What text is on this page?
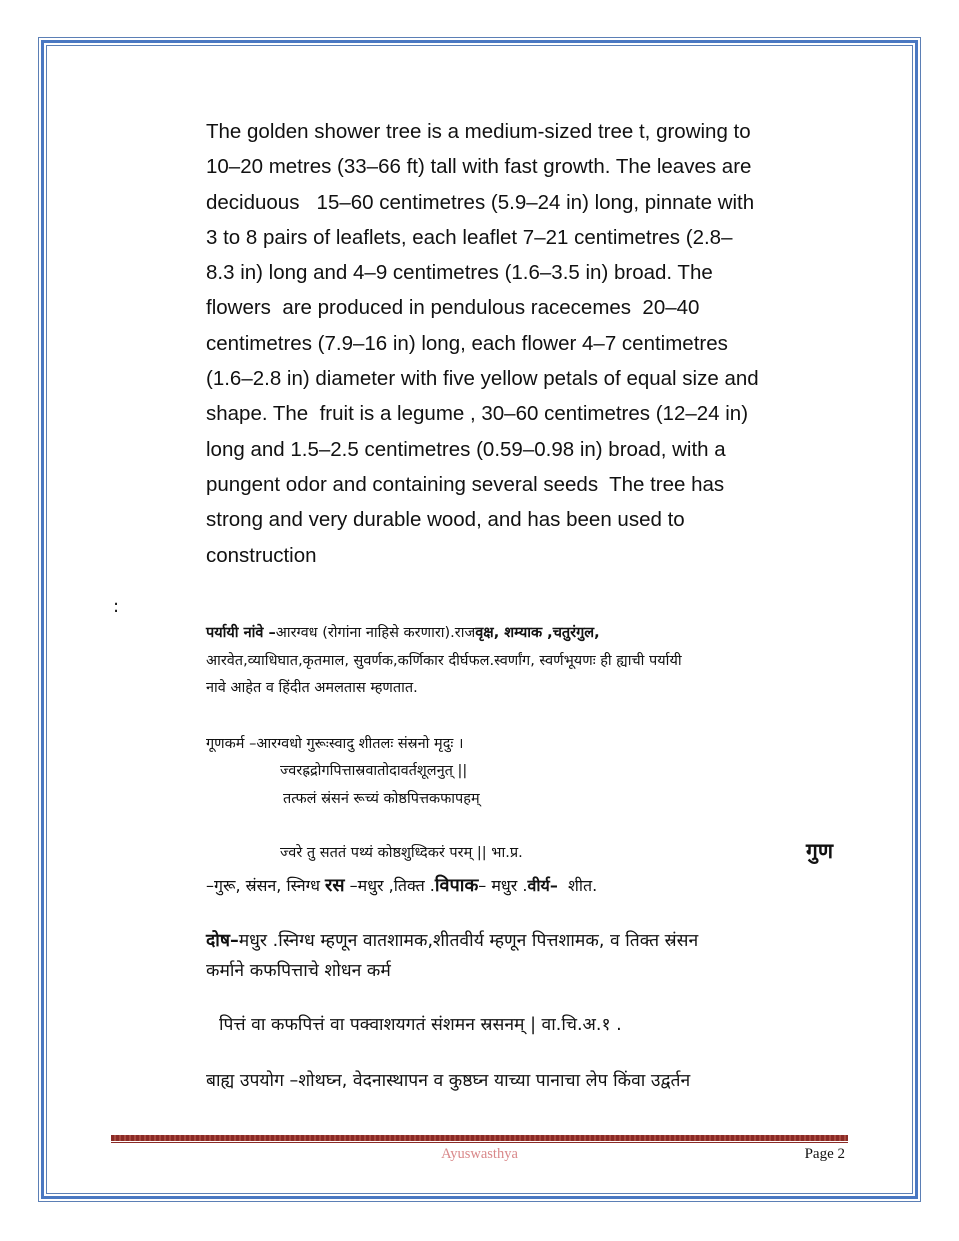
The golden shower tree is a medium-sized tree t, growing to
10–20 metres (33–66 ft) tall with fast growth. The leaves are
deciduous   15–60 centimetres (5.9–24 in) long, pinnate with
3 to 8 pairs of leaflets, each leaflet 7–21 centimetres (2.8–
8.3 in) long and 4–9 centimetres (1.6–3.5 in) broad. The
flowers  are produced in pendulous racecemes  20–40
centimetres (7.9–16 in) long, each flower 4–7 centimetres
(1.6–2.8 in) diameter with five yellow petals of equal size and
shape. The  fruit is a legume , 30–60 centimetres (12–24 in)
long and 1.5–2.5 centimetres (0.59–0.98 in) broad, with a
pungent odor and containing several seeds  The tree has
strong and very durable wood, and has been used to
construction

:
पर्यायी नांवे –आरग्वध (रोगांना नाहिसे करणारा).राजवृक्ष, शम्याक ,चतुरंगुल,
आरवेत,व्याधिघात,कृतमाल, सुवर्णक,कर्णिकार दीर्घफल.स्वर्णांग, स्वर्णभूयणः ही ह्याची पर्यायी
नावे आहेत व हिंदीत अमलतास म्हणतात.
गूणकर्म –आरग्वधो गुरूःस्वादु शीतलः संस्रनो मृदुः ।
ज्वरह्रद्रोगपित्तास्रवातोदावर्तशूलनुत् ||
तत्फलं स्रंसनं रूच्यं कोष्ठपित्तकफापहम्
ज्वरे तु सततं पथ्यं कोष्ठशुध्दिकरं परम् || भा.प्र.	गुण
–गुरू, स्रंसन, स्निग्ध रस –मधुर ,तिक्त .विपाक– मधुर .वीर्य–  शीत.
दोष–मधुर .स्निग्ध म्हणून वातशामक,शीतवीर्य म्हणून पित्तशामक, व तिक्त स्रंसन
कर्माने कफपित्ताचे शोधन कर्म
पित्तं वा कफपित्तं वा पक्वाशयगतं संशमन स्रसनम् | वा.चि.अ.१ .
बाह्य उपयोग –शोथघ्न, वेदनास्थापन व कुष्ठघ्न याच्या पानाचा लेप किंवा उद्वर्तन
Ayuswasthya	Page 2
